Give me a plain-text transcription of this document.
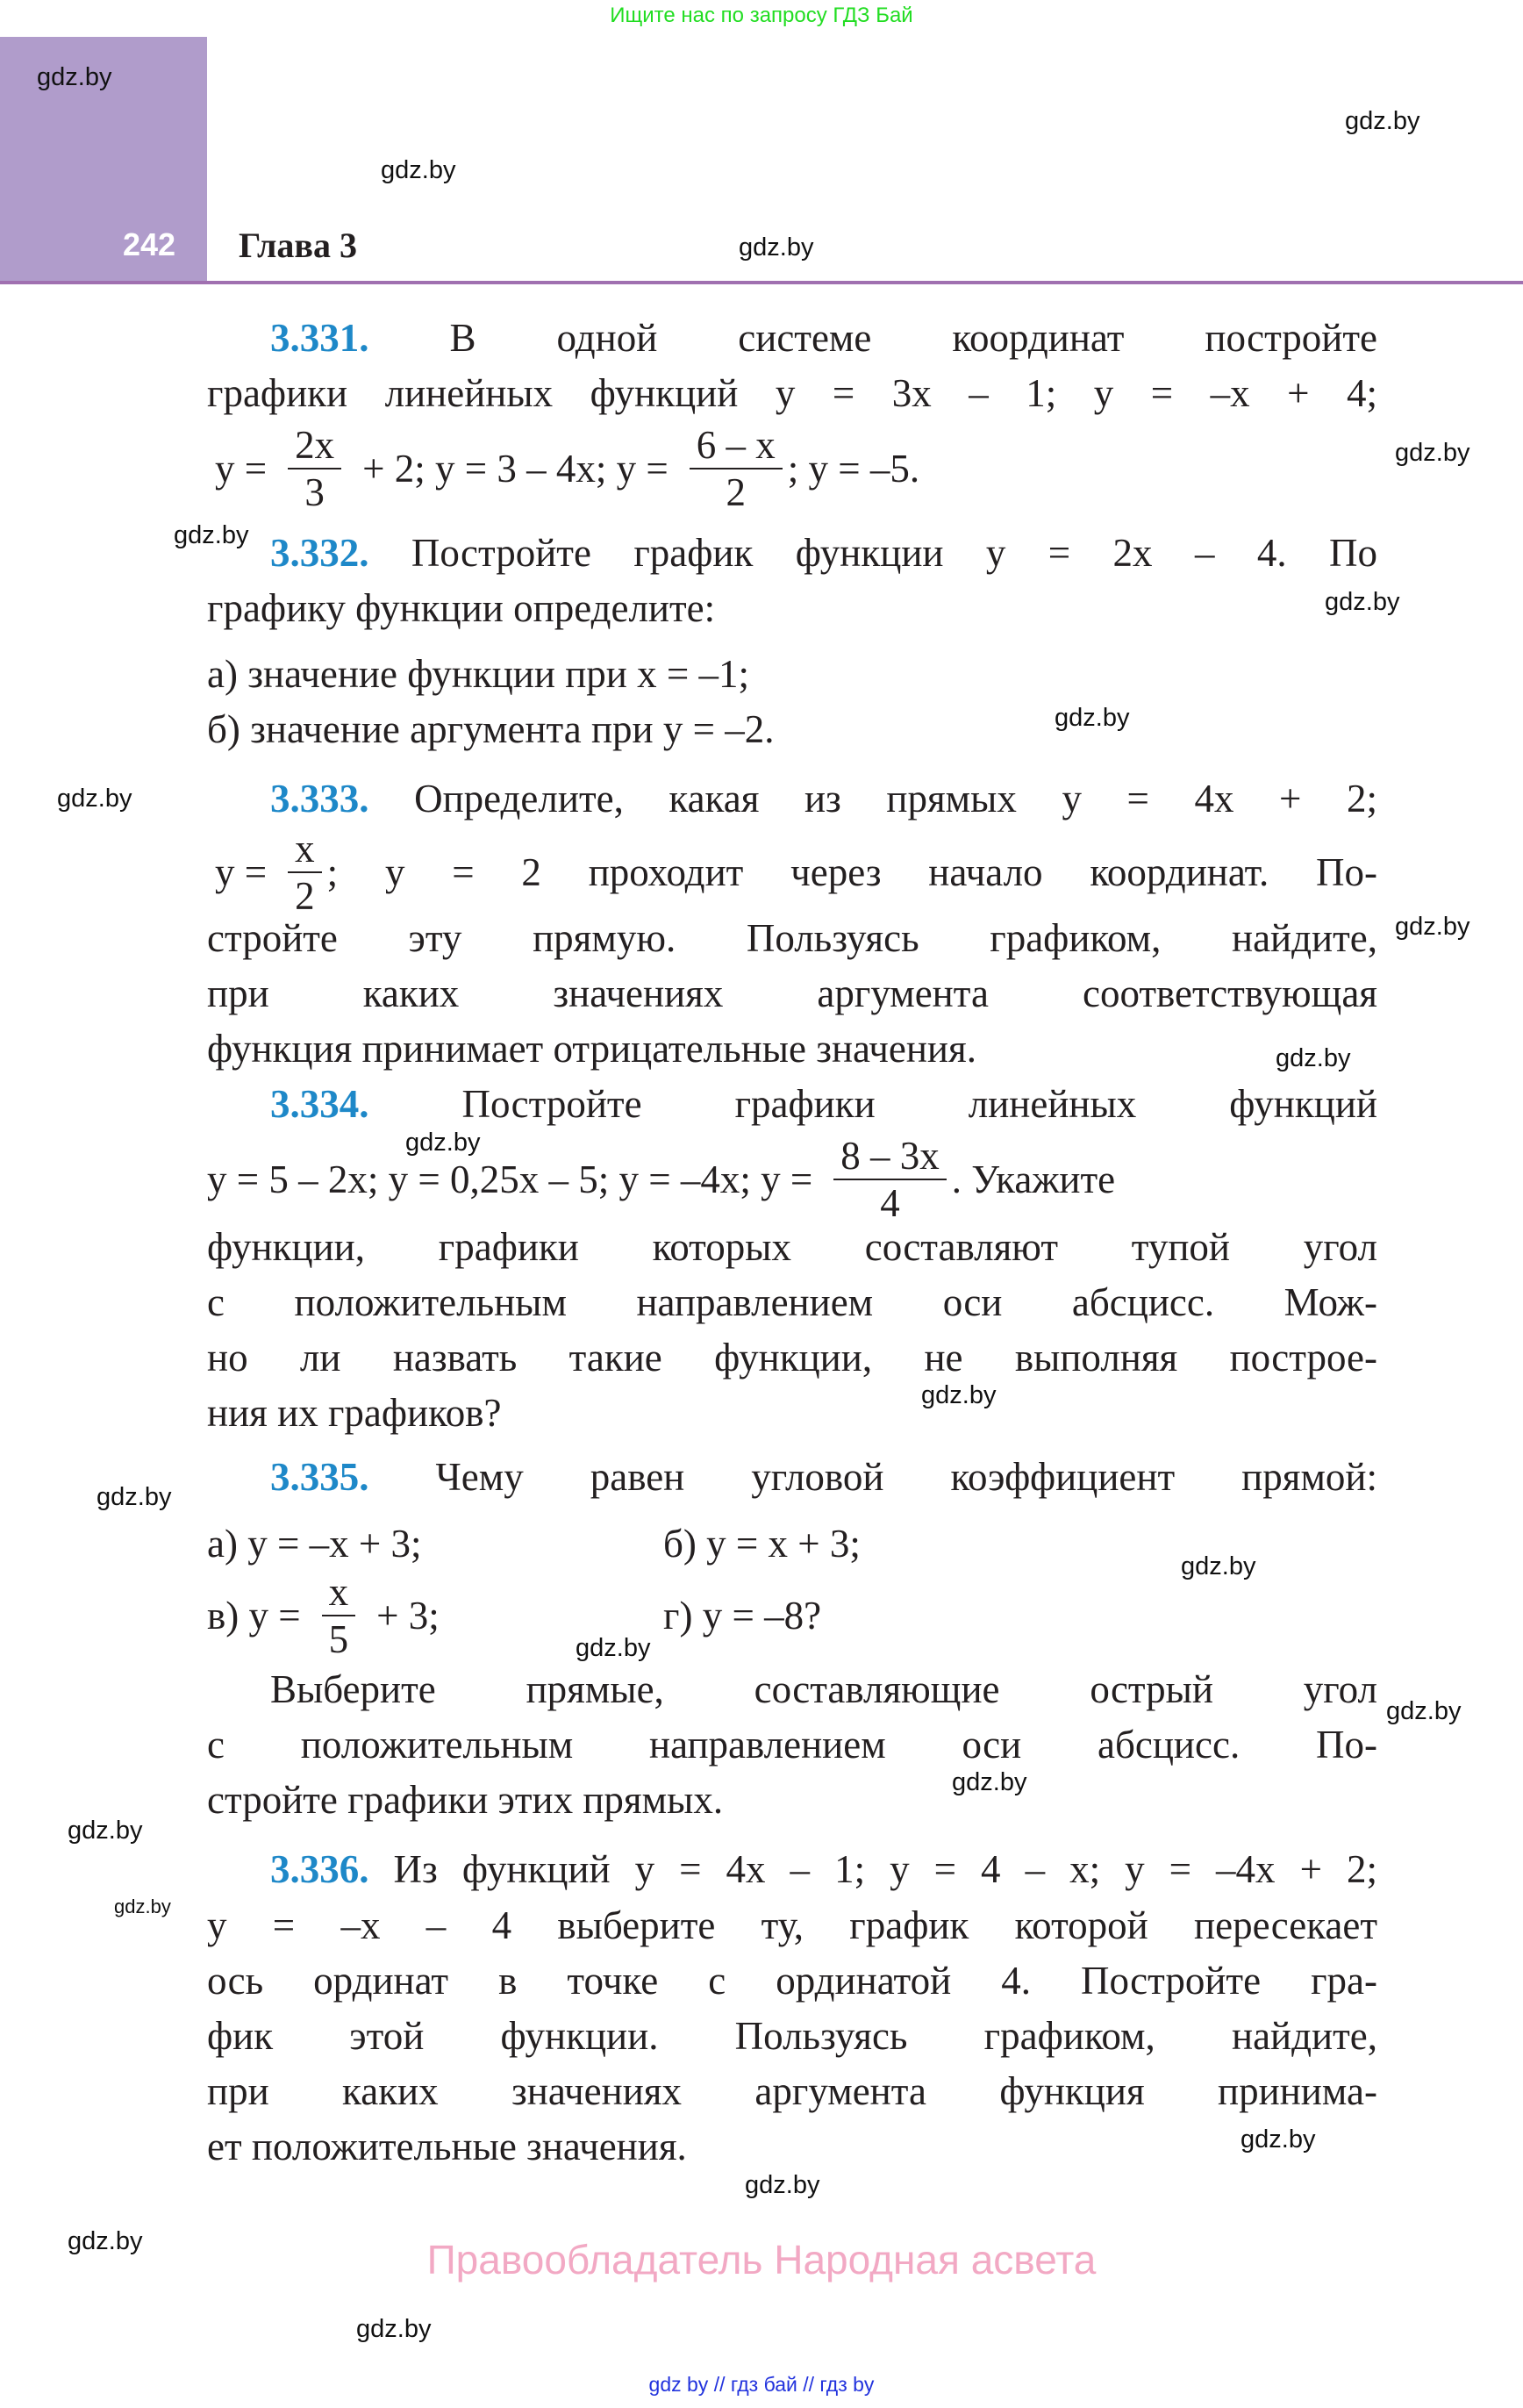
Ищите нас по запросу ГДЗ Бай
242 Глава 3
3.331. В одной системе координат постройте
графики линейных функций y = 3x – 1; y = –x + 4;
$y = \frac{2x}{3} + 2$; y = 3 – 4x; $y = \frac{6 - x}{2}$ ; y = –5.
3.332. Постройте график функции y = 2x – 4. По
графику функции определите:
а) значение функции при x = –1;
б) значение аргумента при y = –2.
3.333. Определите, какая из прямых y = 4x + 2;
$y = \frac{x}{2}$ ; y = 2 проходит через начало координат. По-
стройте эту прямую. Пользуясь графиком, найдите,
при каких значениях аргумента соответствующая
функция принимает отрицательные значения.
3.334. Постройте графики линейных функций
y = 5 – 2x; y = 0,25x – 5; y = –4x; $y = \frac{8 - 3x}{4}$ . Укажите
функции, графики которых составляют тупой угол
с положительным направлением оси абсцисс. Мож-
но ли назвать такие функции, не выполняя построе-
ния их графиков?
3.335. Чему равен угловой коэффициент прямой:
а) y = –x + 3;	б) y = x + 3;
в) $y = \frac{x}{5} + 3$;	г) y = –8?
Выберите прямые, составляющие острый угол
с положительным направлением оси абсцисс. По-
стройте графики этих прямых.
3.336. Из функций y = 4x – 1; y = 4 – x; y = –4x + 2;
y = –x – 4 выберите ту, график которой пересекает
ось ординат в точке с ординатой 4. Постройте гра-
фик этой функции. Пользуясь графиком, найдите,
при каких значениях аргумента функция принима-
ет положительные значения.
gdz.by
gdz.by
gdz.by
gdz.by
gdz.by
gdz.by
gdz.by
gdz.by
gdz.by
gdz.by
gdz.by
gdz.by
gdz.by
gdz.by
gdz.by
gdz.by
gdz.by
gdz.by
gdz.by
gdz.by
gdz.by
gdz.by
gdz.by
gdz.by
Правообладатель Народная асвета
gdz by // гдз бай // гдз by
